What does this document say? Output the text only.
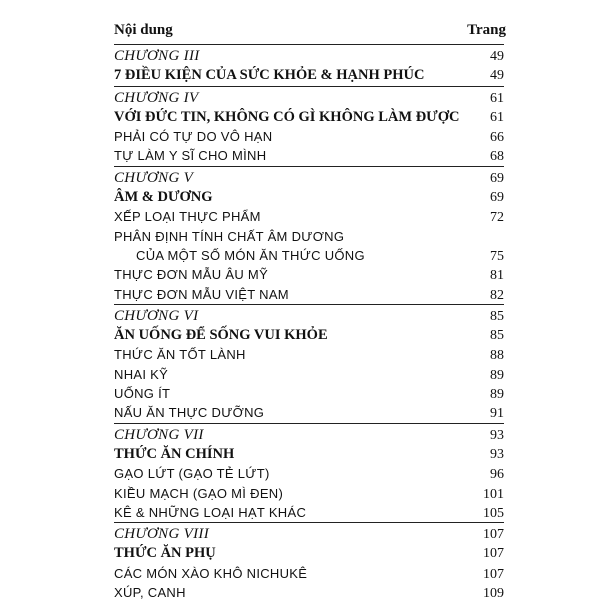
Nội dung	Trang
CHƯƠNG III	49
7 ĐIỀU KIỆN CỦA SỨC KHỎE & HẠNH PHÚC	49
CHƯƠNG IV	61
VỚI ĐỨC TIN, KHÔNG CÓ GÌ KHÔNG LÀM ĐƯỢC 61
PHẢI CÓ TỰ DO VÔ HẠN	66
TỰ LÀM Y SĨ CHO MÌNH	68
CHƯƠNG V	69
ÂM & DƯƠNG	69
XẾP LOẠI THỰC PHẨM	72
PHÂN ĐỊNH TÍNH CHẤT ÂM DƯƠNG
CỦA MỘT SỐ MÓN ĂN THỨC UỐNG	75
THỰC ĐƠN MẪU ÂU MỸ	81
THỰC ĐƠN MẪU VIỆT NAM	82
CHƯƠNG VI	85
ĂN UỐNG ĐỂ SỐNG VUI KHỎE	85
THỨC ĂN TỐT LÀNH	88
NHAI KỸ	89
UỐNG ÍT	89
NẤU ĂN THỰC DƯỠNG	91
CHƯƠNG VII	93
THỨC ĂN CHÍNH	93
GẠO LỨT (GẠO TẺ LỨT)	96
KIỀU MẠCH (GẠO MÌ ĐEN)	101
KÊ & NHỮNG LOẠI HẠT KHÁC	105
CHƯƠNG VIII	107
THỨC ĂN PHỤ	107
CÁC MÓN XÀO KHÔ NICHUKÊ	107
XÚP, CANH	109
